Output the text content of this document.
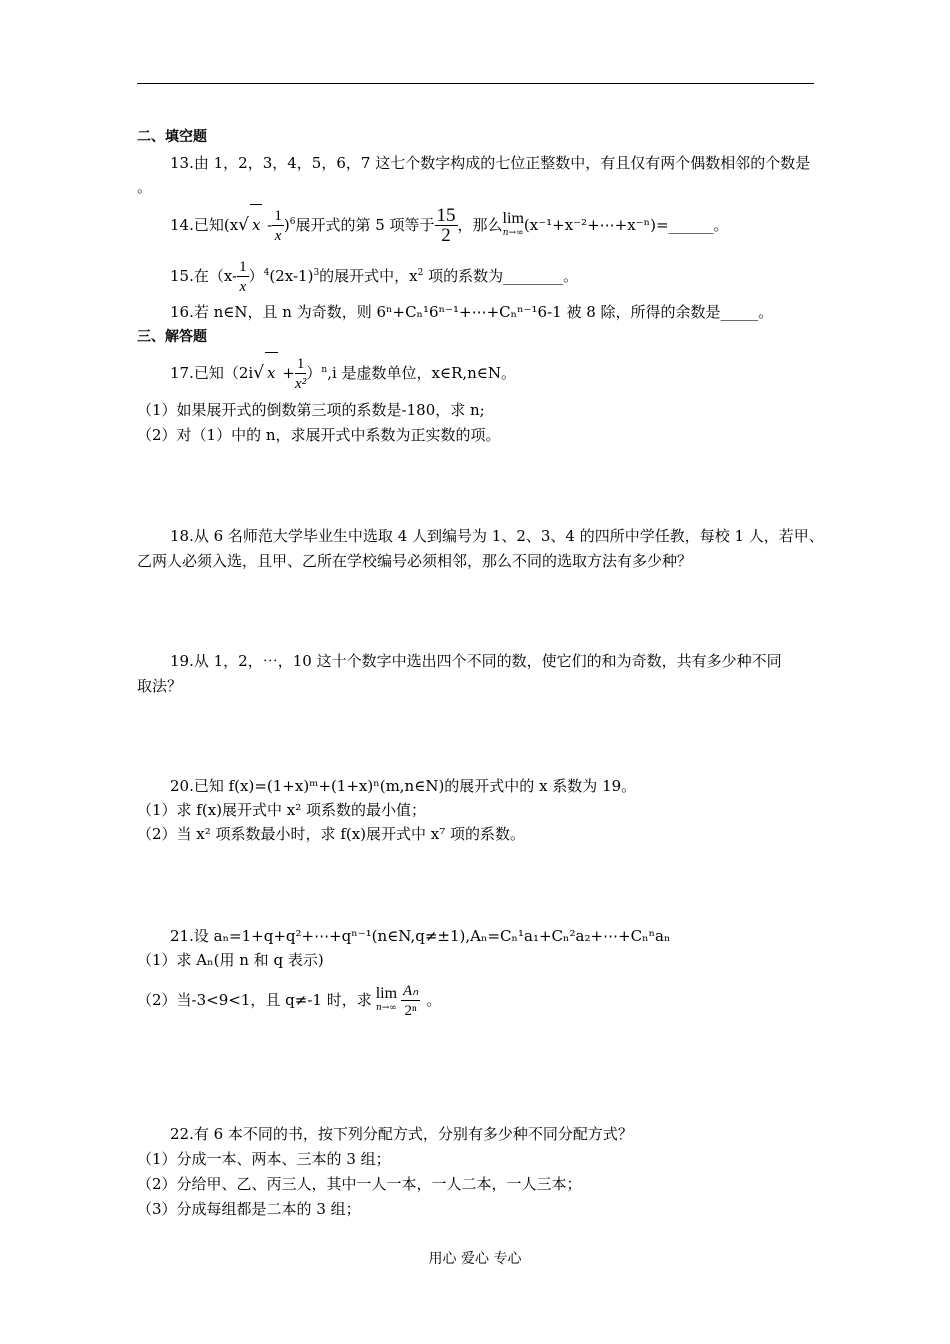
二、填空题
13.由 1，2，3，4，5，6，7 这七个数字构成的七位正整数中，有且仅有两个偶数相邻的个数是
。
14.已知(x√ x - $\frac{1}{x} )^6$展开式的第 5 项等于 $\frac{15}{2}$ ，那么 lim
n→∞ (x⁻¹+x⁻²+⋯+x⁻ⁿ)=______。
15.在$(x- \frac{1}{x} )^4(2x-1)^3$的展开式中，$x^2$ 项的系数为________。
16.若 n∈N，且 n 为奇数，则 6ⁿ+Cₙ¹6ⁿ⁻¹+⋯+Cₙⁿ⁻¹6-1 被 8 除，所得的余数是_____。
三、解答题
17.已知（2i√ $x + \frac{1}{\text{x²}} )^n,i$ 是虚数单位，x∈R,n∈N。
（1）如果展开式的倒数第三项的系数是-180，求 n;
（2）对（1）中的 n，求展开式中系数为正实数的项。
18.从 6 名师范大学毕业生中选取 4 人到编号为 1、2、3、4 的四所中学任教，每校 1 人，若甲、
乙两人必须入选，且甲、乙所在学校编号必须相邻，那么不同的选取方法有多少种？
19.从 1，2，⋯，10 这十个数字中选出四个不同的数，使它们的和为奇数，共有多少种不同
取法？
20.已知 f(x)=(1+x)ᵐ+(1+x)ⁿ(m,n∈N)的展开式中的 x 系数为 19。
（1）求 f(x)展开式中 x² 项系数的最小值；
（2）当 x² 项系数最小时，求 f(x)展开式中 x⁷ 项的系数。
21.设 aₙ=1+q+q²+⋯+qⁿ⁻¹(n∈N,q≠±1),Aₙ=Cₙ¹a₁+Cₙ²a₂+⋯+Cₙⁿaₙ
（1）求 Aₙ(用 n 和 q 表示)
（2）当-3<9<1，且 q≠-1 时，求 lim
$n\to\infty \frac{\text{Aₙ}}{\text{2ⁿ}}$ 。
22.有 6 本不同的书，按下列分配方式，分别有多少种不同分配方式？
（1）分成一本、两本、三本的 3 组；
（2）分给甲、乙、丙三人，其中一人一本，一人二本，一人三本；
（3）分成每组都是二本的 3 组；
用心 爱心 专心
